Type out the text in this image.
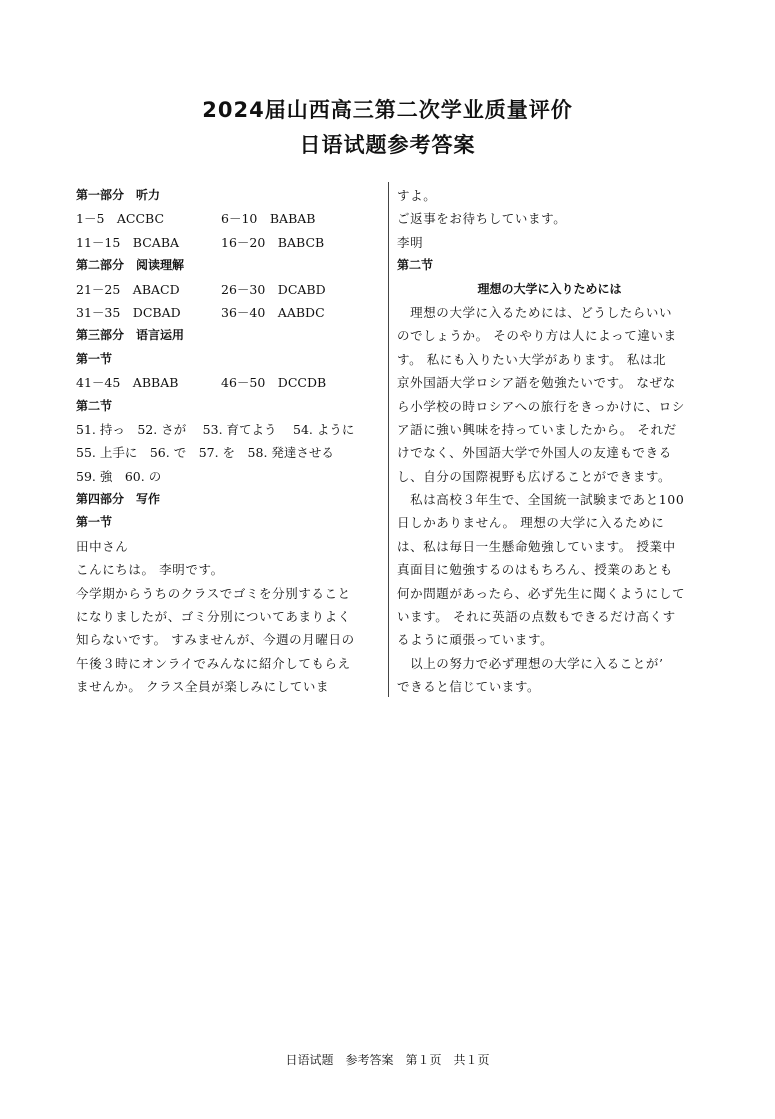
2024届山西高三第二次学业质量评价
日语试题参考答案
第一部分　听力
1－5　ACCBC	6－10　BABAB
11－15　BCABA	16－20　BABCB
第二部分　阅读理解
21－25　ABACD	26－30　DCABD
31－35　DCBAD	36－40　AABDC
第三部分　语言运用
第一节
41－45　ABBAB	46－50　DCCDB
第二节
51. 持っ　52. さが　 53. 育てよう　 54. ように
55. 上手に　56. で　57. を　58. 発達させる
59. 強　60. の
第四部分　写作
第一节
田中さん
こんにちは。 李明です。
今学期からうちのクラスでゴミを分別すること
になりましたが、ゴミ分別についてあまりよく
知らないです。 すみませんが、今週の月曜日の
午後３時にオンライでみんなに紹介してもらえ
ませんか。 クラス全員が楽しみにしていま
すよ。
ご返事をお待ちしています。
李明
第二节
理想の大学に入りためには
　理想の大学に入るためには、どうしたらいい
のでしょうか。 そのやり方は人によって違いま
す。 私にも入りたい大学があります。 私は北
京外国語大学ロシア語を勉強たいです。 なぜな
ら小学校の時ロシアへの旅行をきっかけに、ロシ
ア語に強い興味を持っていましたから。 それだ
けでなく、外国語大学で外国人の友達もできる
し、自分の国際視野も広げることができます。
　私は高校３年生で、全国統一試験まであと100
日しかありません。 理想の大学に入るために
は、私は毎日一生懸命勉強しています。 授業中
真面目に勉強するのはもちろん、授業のあとも
何か問題があったら、必ず先生に聞くようにして
います。 それに英語の点数もできるだけ高くす
るように頑張っています。
　以上の努力で必ず理想の大学に入ることが’
できると信じています。
日语试题　参考答案　第１页　共１页
